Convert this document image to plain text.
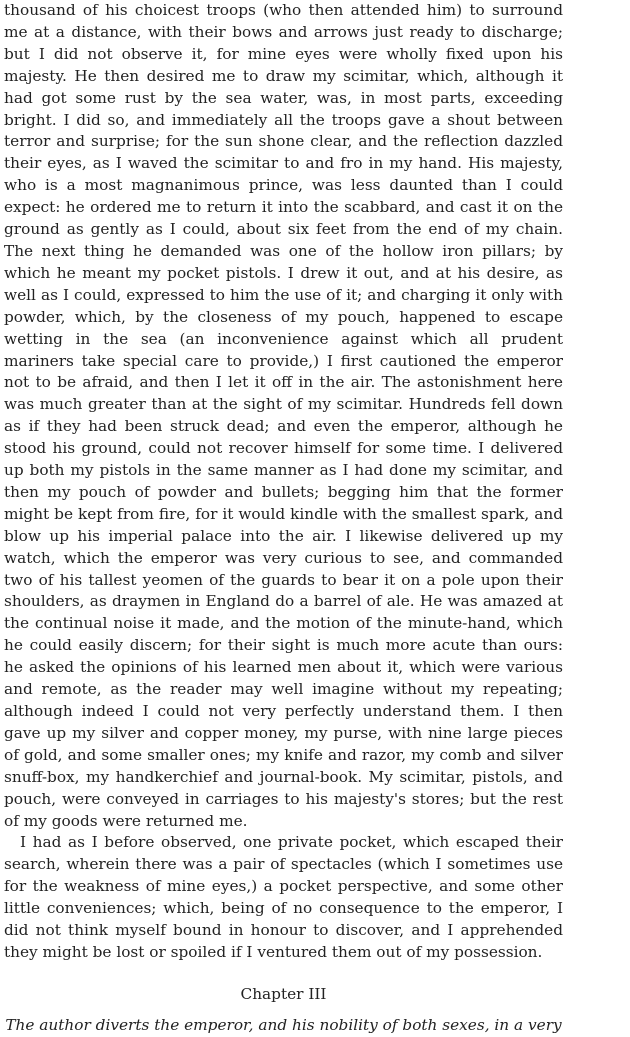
thousand of his choicest troops (who then attended him) to surround me at a distance, with their bows and arrows just ready to discharge; but I did not observe it, for mine eyes were wholly fixed upon his majesty. He then desired me to draw my scimitar, which, although it had got some rust by the sea water, was, in most parts, exceeding bright. I did so, and immediately all the troops gave a shout between terror and surprise; for the sun shone clear, and the reflection dazzled their eyes, as I waved the scimitar to and fro in my hand. His majesty, who is a most magnanimous prince, was less daunted than I could expect: he ordered me to return it into the scabbard, and cast it on the ground as gently as I could, about six feet from the end of my chain. The next thing he demanded was one of the hollow iron pillars; by which he meant my pocket pistols. I drew it out, and at his desire, as well as I could, expressed to him the use of it; and charging it only with powder, which, by the closeness of my pouch, happened to escape wetting in the sea (an inconvenience against which all prudent mariners take special care to provide,) I first cautioned the emperor not to be afraid, and then I let it off in the air. The astonishment here was much greater than at the sight of my scimitar. Hundreds fell down as if they had been struck dead; and even the emperor, although he stood his ground, could not recover himself for some time. I delivered up both my pistols in the same manner as I had done my scimitar, and then my pouch of powder and bullets; begging him that the former might be kept from fire, for it would kindle with the smallest spark, and blow up his imperial palace into the air. I likewise delivered up my watch, which the emperor was very curious to see, and commanded two of his tallest yeomen of the guards to bear it on a pole upon their shoulders, as draymen in England do a barrel of ale. He was amazed at the continual noise it made, and the motion of the minute-hand, which he could easily discern; for their sight is much more acute than ours: he asked the opinions of his learned men about it, which were various and remote, as the reader may well imagine without my repeating; although indeed I could not very perfectly understand them. I then gave up my silver and copper money, my purse, with nine large pieces of gold, and some smaller ones; my knife and razor, my comb and silver snuff-box, my handkerchief and journal-book. My scimitar, pistols, and pouch, were conveyed in carriages to his majesty's stores; but the rest of my goods were returned me.

I had as I before observed, one private pocket, which escaped their search, wherein there was a pair of spectacles (which I sometimes use for the weakness of mine eyes,) a pocket perspective, and some other little conveniences; which, being of no consequence to the emperor, I did not think myself bound in honour to discover, and I apprehended they might be lost or spoiled if I ventured them out of my possession.

Chapter III
The author diverts the emperor, and his nobility of both sexes, in a very
